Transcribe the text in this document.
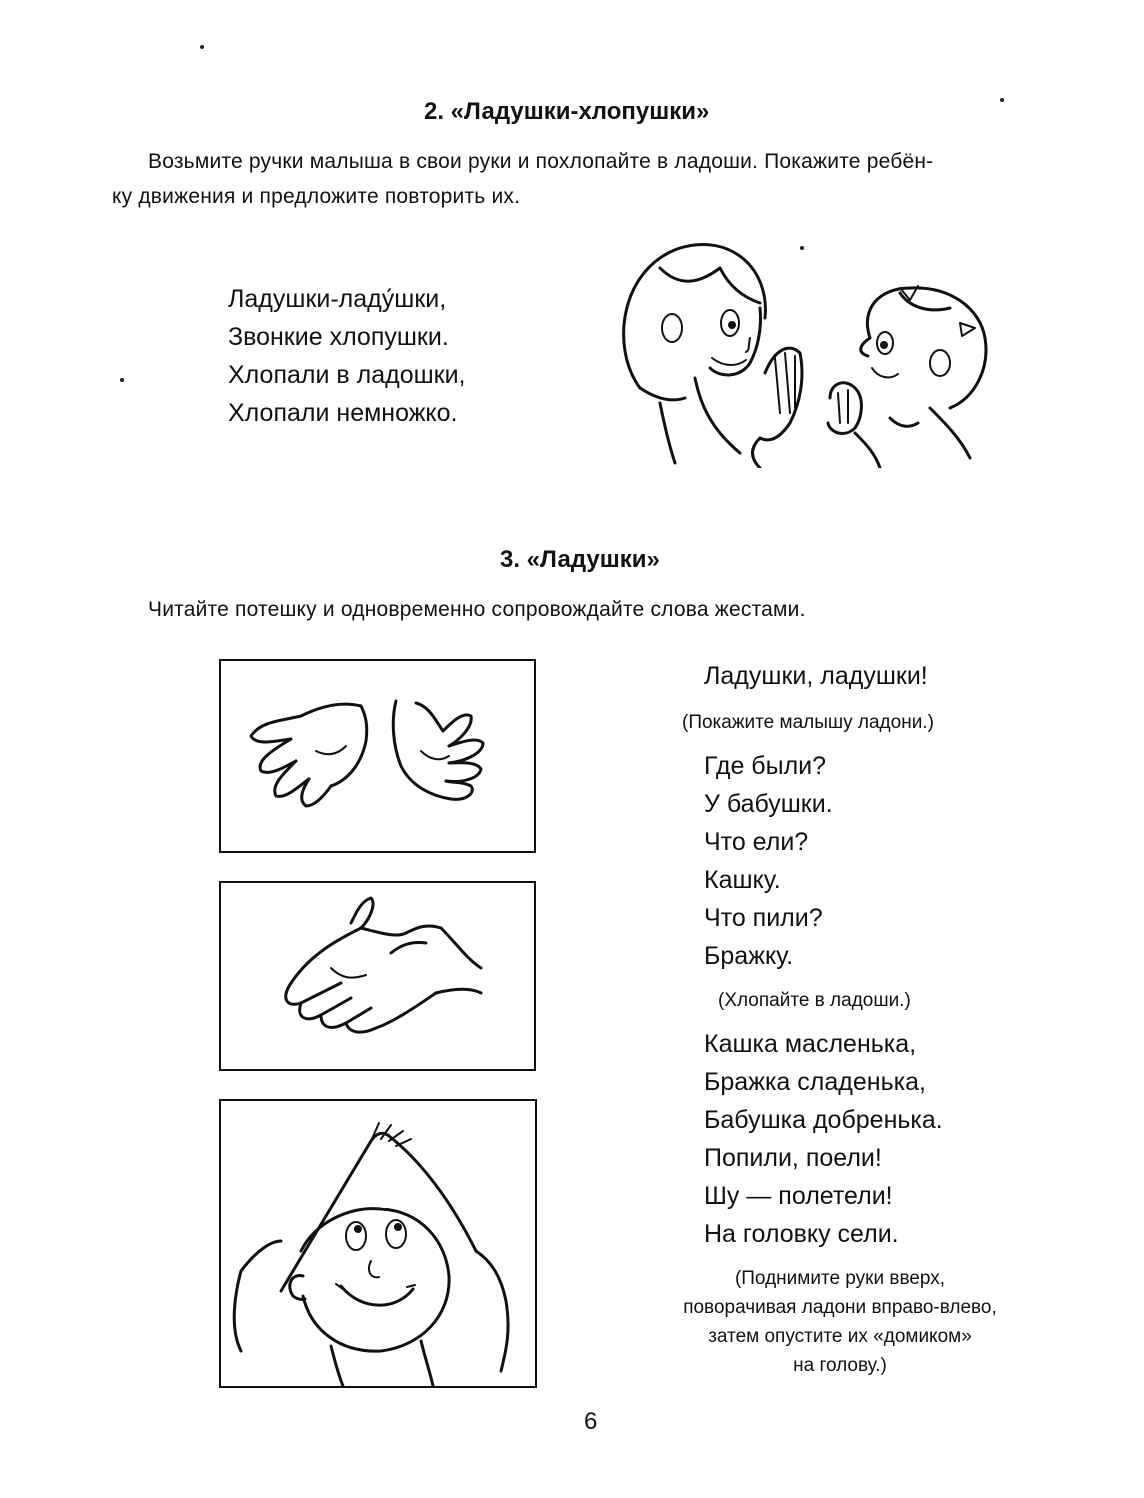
2. «Ладушки-хлопушки»
Возьмите ручки малыша в свои руки и похлопайте в ладоши. Покажите ребён-
ку движения и предложите повторить их.
Ладушки-ладу́шки,
Звонкие хлопушки.
Хлопали в ладошки,
Хлопали немножко.
3. «Ладушки»
Читайте потешку и одновременно сопровождайте слова жестами.
Ладушки, ладушки!
(Покажите малышу ладони.)
Где были?
У бабушки.
Что ели?
Кашку.
Что пили?
Бражку.
(Хлопайте в ладоши.)
Кашка масленька,
Бражка сладенька,
Бабушка добренька.
Попили, поели!
Шу — полетели!
На головку сели.
(Поднимите руки вверх,
поворачивая ладони вправо-влево,
затем опустите их «домиком»
на голову.)
6
